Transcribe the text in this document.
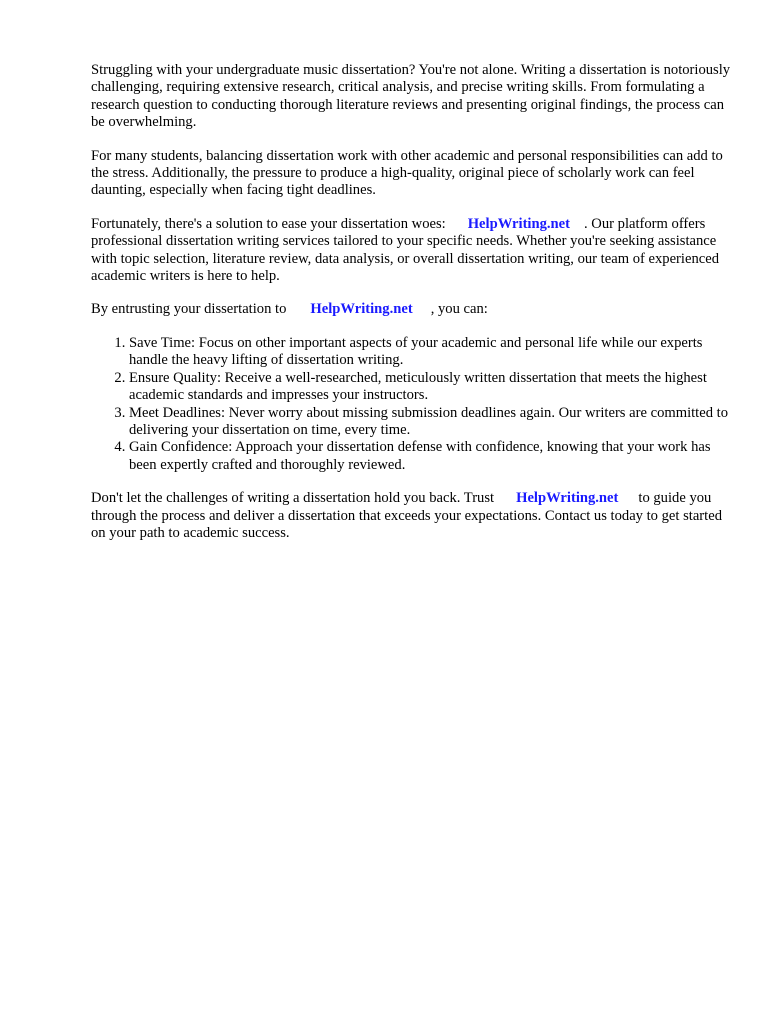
Struggling with your undergraduate music dissertation? You're not alone. Writing a dissertation is notoriously challenging, requiring extensive research, critical analysis, and precise writing skills. From formulating a research question to conducting thorough literature reviews and presenting original findings, the process can be overwhelming.

For many students, balancing dissertation work with other academic and personal responsibilities can add to the stress. Additionally, the pressure to produce a high-quality, original piece of scholarly work can feel daunting, especially when facing tight deadlines.

Fortunately, there's a solution to ease your dissertation woes: HelpWriting.net . Our platform offers professional dissertation writing services tailored to your specific needs. Whether you're seeking assistance with topic selection, literature review, data analysis, or overall dissertation writing, our team of experienced academic writers is here to help.

By entrusting your dissertation to HelpWriting.net , you can:

1. Save Time: Focus on other important aspects of your academic and personal life while our experts handle the heavy lifting of dissertation writing.
2. Ensure Quality: Receive a well-researched, meticulously written dissertation that meets the highest academic standards and impresses your instructors.
3. Meet Deadlines: Never worry about missing submission deadlines again. Our writers are committed to delivering your dissertation on time, every time.
4. Gain Confidence: Approach your dissertation defense with confidence, knowing that your work has been expertly crafted and thoroughly reviewed.

Don't let the challenges of writing a dissertation hold you back. Trust HelpWriting.net to guide you through the process and deliver a dissertation that exceeds your expectations. Contact us today to get started on your path to academic success.
